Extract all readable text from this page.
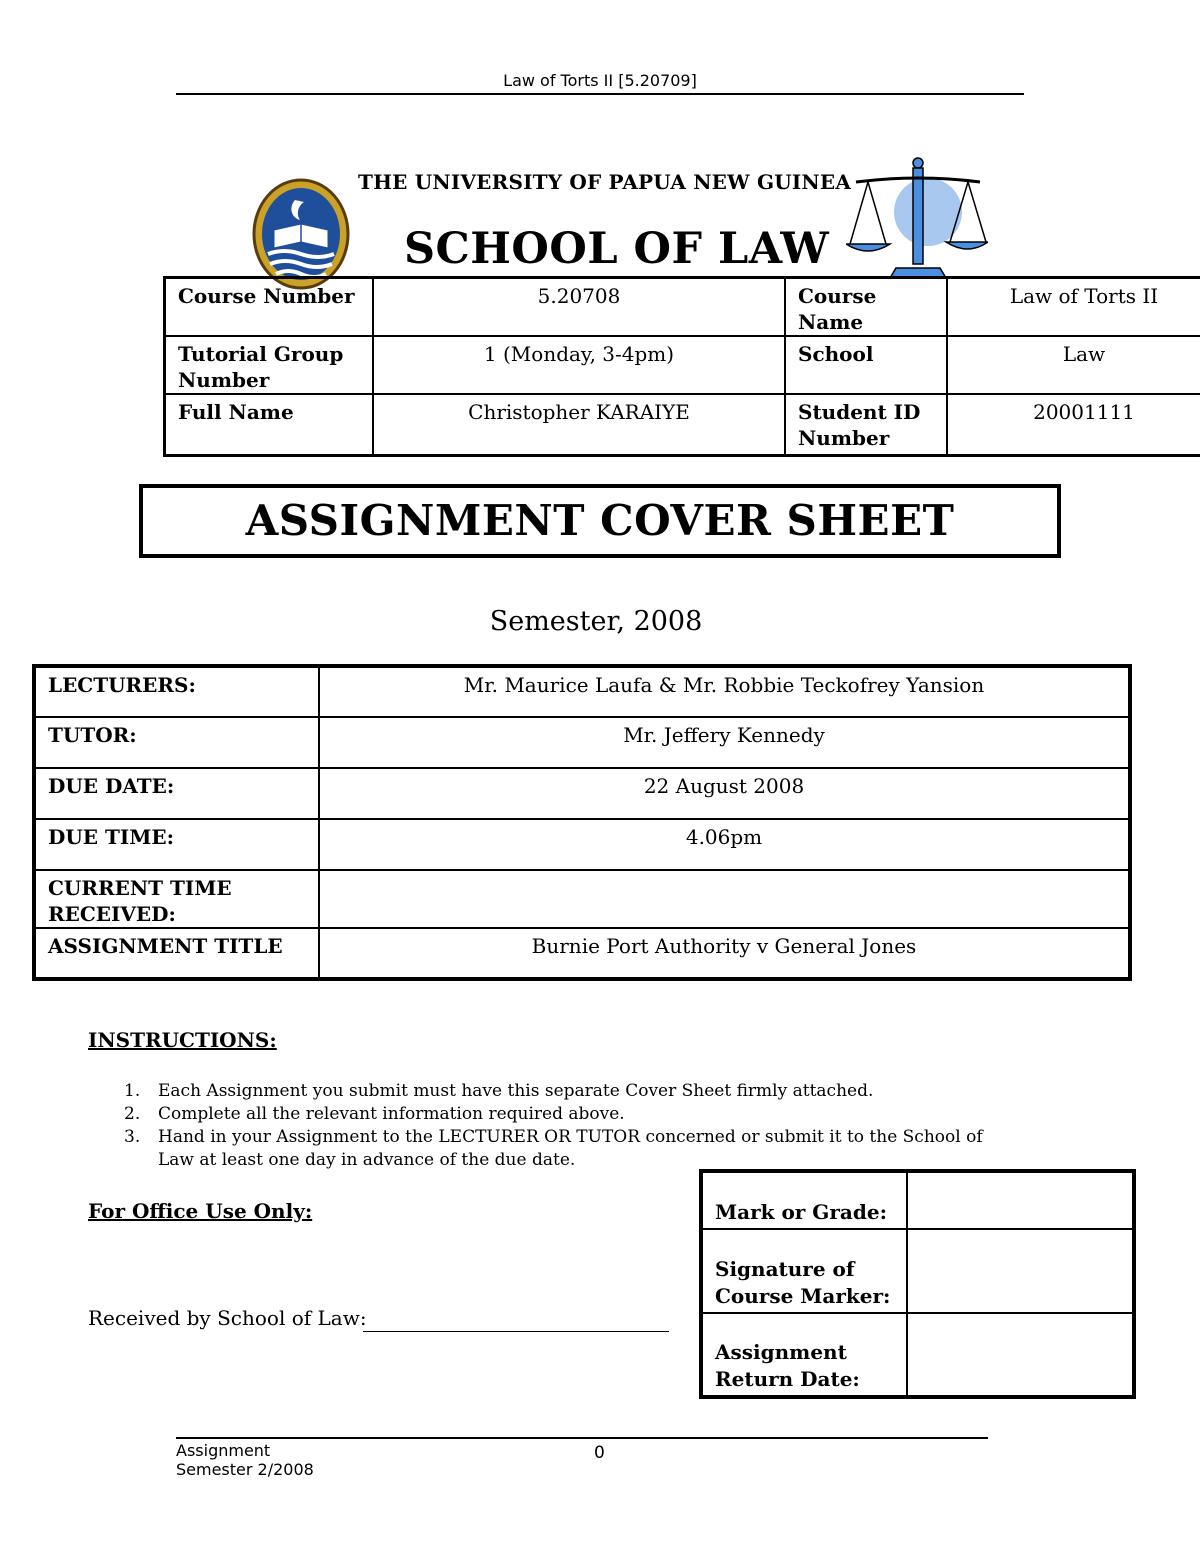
Law of Torts II [5.20709]
THE UNIVERSITY OF PAPUA NEW GUINEA
SCHOOL OF LAW
Course Number	5.20708	Course Name	Law of Torts II
Tutorial Group Number	1 (Monday, 3-4pm)	School	Law
Full Name	Christopher KARAIYE	Student ID Number	20001111
ASSIGNMENT COVER SHEET
Semester, 2008
LECTURERS:	Mr. Maurice Laufa & Mr. Robbie Teckofrey Yansion
TUTOR:	Mr. Jeffery Kennedy
DUE DATE:	22 August 2008
DUE TIME:	4.06pm
CURRENT TIME RECEIVED:	
ASSIGNMENT TITLE	Burnie Port Authority v General Jones
INSTRUCTIONS:
1. Each Assignment you submit must have this separate Cover Sheet firmly attached.
2. Complete all the relevant information required above.
3. Hand in your Assignment to the LECTURER OR TUTOR concerned or submit it to the School of Law at least one day in advance of the due date.
For Office Use Only:
Received by School of Law:
Mark or Grade:	
Signature of Course Marker:	
Assignment Return Date:	
Assignment
Semester 2/2008
0
